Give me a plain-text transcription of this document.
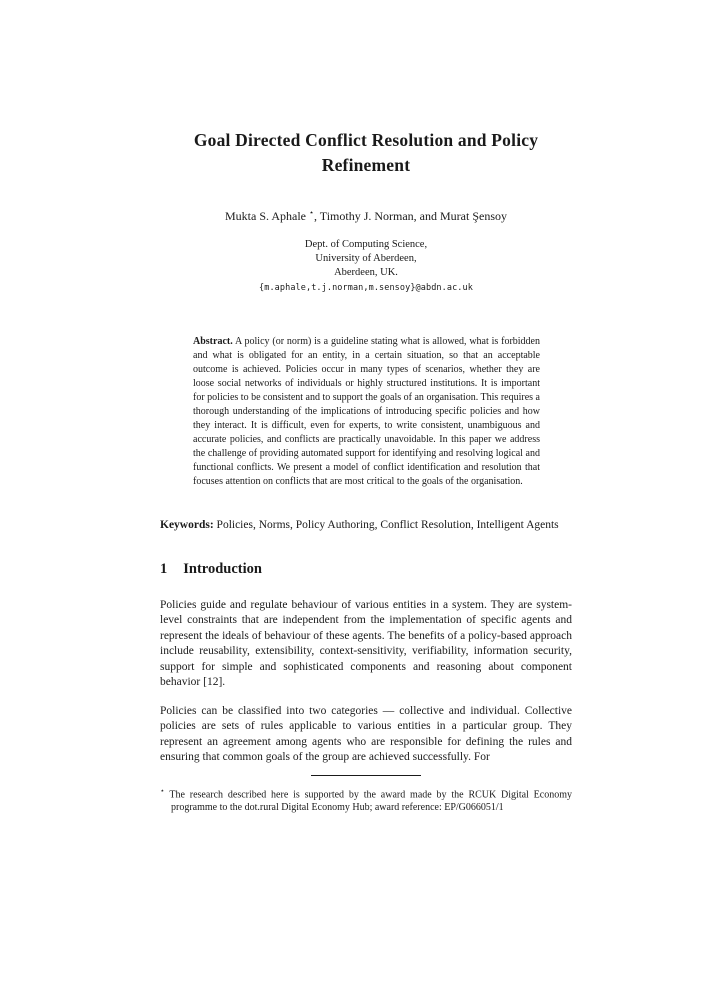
Goal Directed Conflict Resolution and Policy
Refinement
Mukta S. Aphale ⋆, Timothy J. Norman, and Murat Şensoy
Dept. of Computing Science,
University of Aberdeen,
Aberdeen, UK.
{m.aphale,t.j.norman,m.sensoy}@abdn.ac.uk
Abstract. A policy (or norm) is a guideline stating what is allowed, what is forbidden and what is obligated for an entity, in a certain situation, so that an acceptable outcome is achieved. Policies occur in many types of scenarios, whether they are loose social networks of individuals or highly structured institutions. It is important for policies to be consistent and to support the goals of an organisation. This requires a thorough understanding of the implications of introducing specific policies and how they interact. It is difficult, even for experts, to write consistent, unambiguous and accurate policies, and conflicts are practically unavoidable. In this paper we address the challenge of providing automated support for identifying and resolving logical and functional conflicts. We present a model of conflict identification and resolution that focuses attention on conflicts that are most critical to the goals of the organisation.
Keywords: Policies, Norms, Policy Authoring, Conflict Resolution, Intelligent Agents
1 Introduction

Policies guide and regulate behaviour of various entities in a system. They are system-level constraints that are independent from the implementation of specific agents and represent the ideals of behaviour of these agents. The benefits of a policy-based approach include reusability, extensibility, context-sensitivity, verifiability, information security, support for simple and sophisticated components and reasoning about component behavior [12].

Policies can be classified into two categories — collective and individual. Collective policies are sets of rules applicable to various entities in a particular group. They represent an agreement among agents who are responsible for defining the rules and ensuring that common goals of the group are achieved successfully. For

⋆ The research described here is supported by the award made by the RCUK Digital Economy programme to the dot.rural Digital Economy Hub; award reference: EP/G066051/1
